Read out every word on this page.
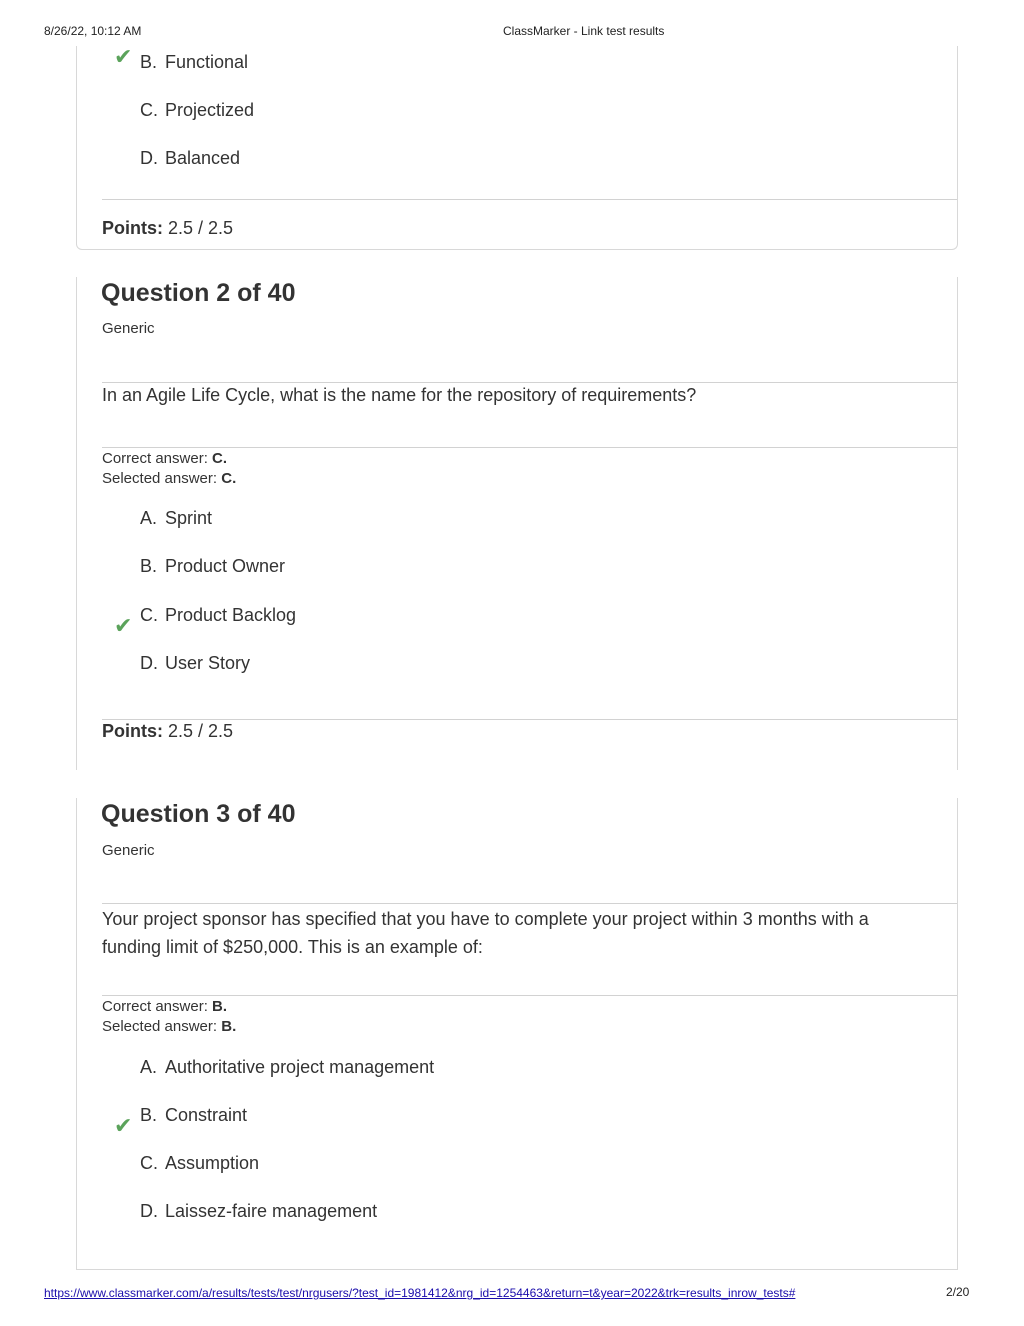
8/26/22, 10:12 AM	ClassMarker - Link test results
✔ B. Functional
C. Projectized
D. Balanced
Points: 2.5 / 2.5
Question 2 of 40
Generic
In an Agile Life Cycle, what is the name for the repository of requirements?
Correct answer: C.
Selected answer: C.
A. Sprint
B. Product Owner
✔ C. Product Backlog
D. User Story
Points: 2.5 / 2.5
Question 3 of 40
Generic
Your project sponsor has specified that you have to complete your project within 3 months with a funding limit of $250,000. This is an example of:
Correct answer: B.
Selected answer: B.
A. Authoritative project management
✔ B. Constraint
C. Assumption
D. Laissez-faire management
https://www.classmarker.com/a/results/tests/test/nrgusers/?test_id=1981412&nrg_id=1254463&return=t&year=2022&trk=results_inrow_tests#	2/20
